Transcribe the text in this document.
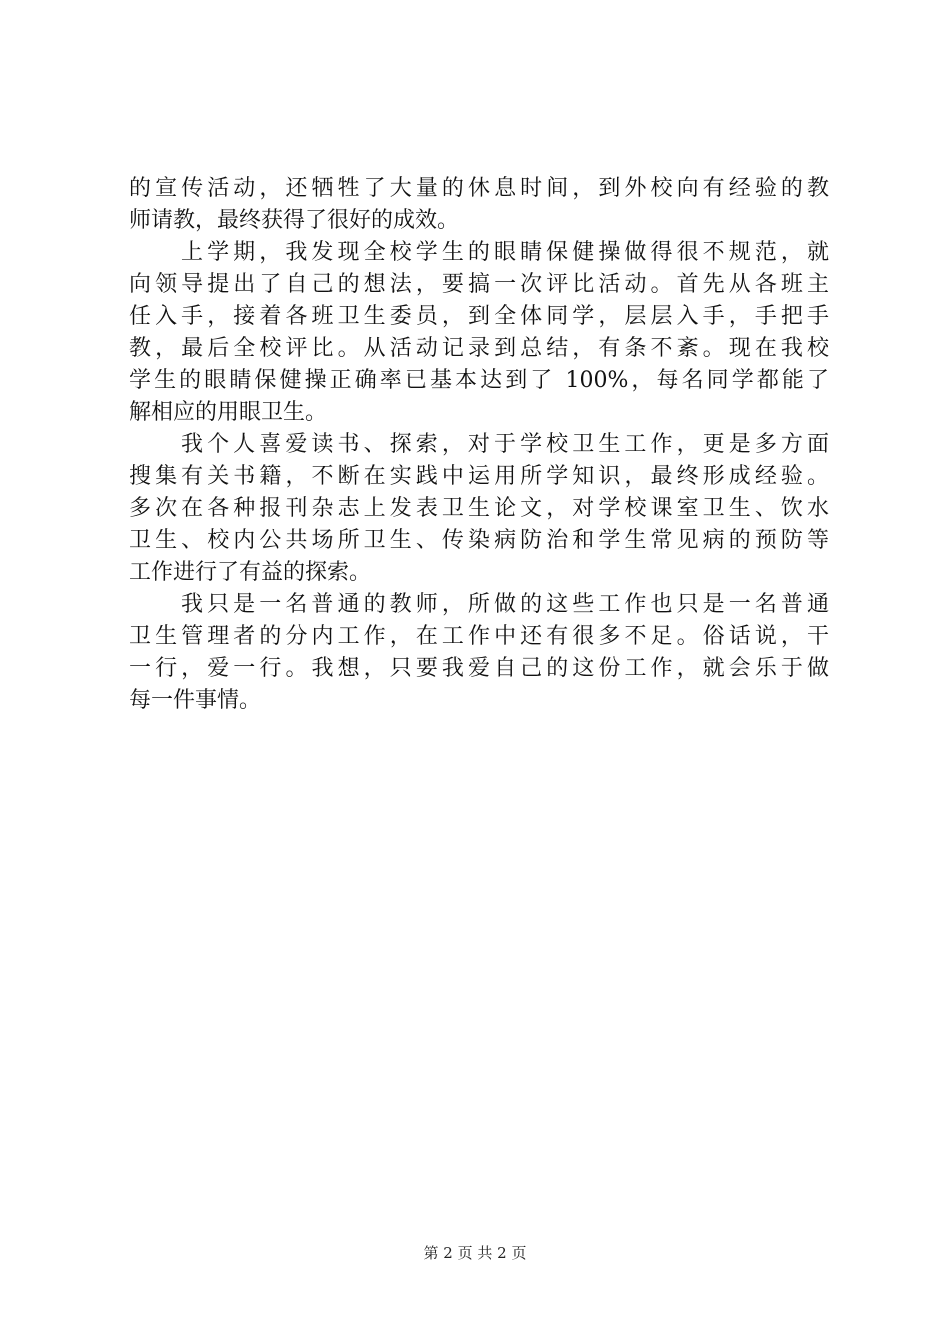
的宣传活动，还牺牲了大量的休息时间，到外校向有经验的教
师请教，最终获得了很好的成效。
上学期，我发现全校学生的眼睛保健操做得很不规范，就
向领导提出了自己的想法，要搞一次评比活动。首先从各班主
任入手，接着各班卫生委员，到全体同学，层层入手，手把手
教，最后全校评比。从活动记录到总结，有条不紊。现在我校
学生的眼睛保健操正确率已基本达到了 100%，每名同学都能了
解相应的用眼卫生。
我个人喜爱读书、探索，对于学校卫生工作，更是多方面
搜集有关书籍，不断在实践中运用所学知识，最终形成经验。
多次在各种报刊杂志上发表卫生论文，对学校课室卫生、饮水
卫生、校内公共场所卫生、传染病防治和学生常见病的预防等
工作进行了有益的探索。
我只是一名普通的教师，所做的这些工作也只是一名普通
卫生管理者的分内工作，在工作中还有很多不足。俗话说，干
一行，爱一行。我想，只要我爱自己的这份工作，就会乐于做
每一件事情。
第 2 页 共 2 页
